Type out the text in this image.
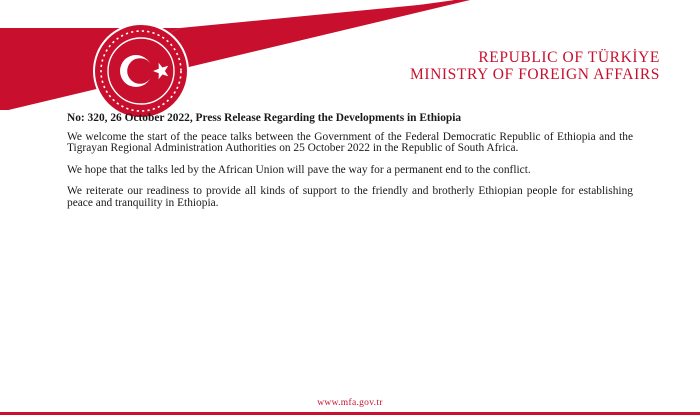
REPUBLIC OF TÜRKİYE
MINISTRY OF FOREIGN AFFAIRS

No: 320, 26 October 2022, Press Release Regarding the Developments in Ethiopia

We welcome the start of the peace talks between the Government of the Federal Democratic Republic of Ethiopia and the Tigrayan Regional Administration Authorities on 25 October 2022 in the Republic of South Africa.

We hope that the talks led by the African Union will pave the way for a permanent end to the conflict.

We reiterate our readiness to provide all kinds of support to the friendly and brotherly Ethiopian people for establishing peace and tranquility in Ethiopia.

www.mfa.gov.tr
